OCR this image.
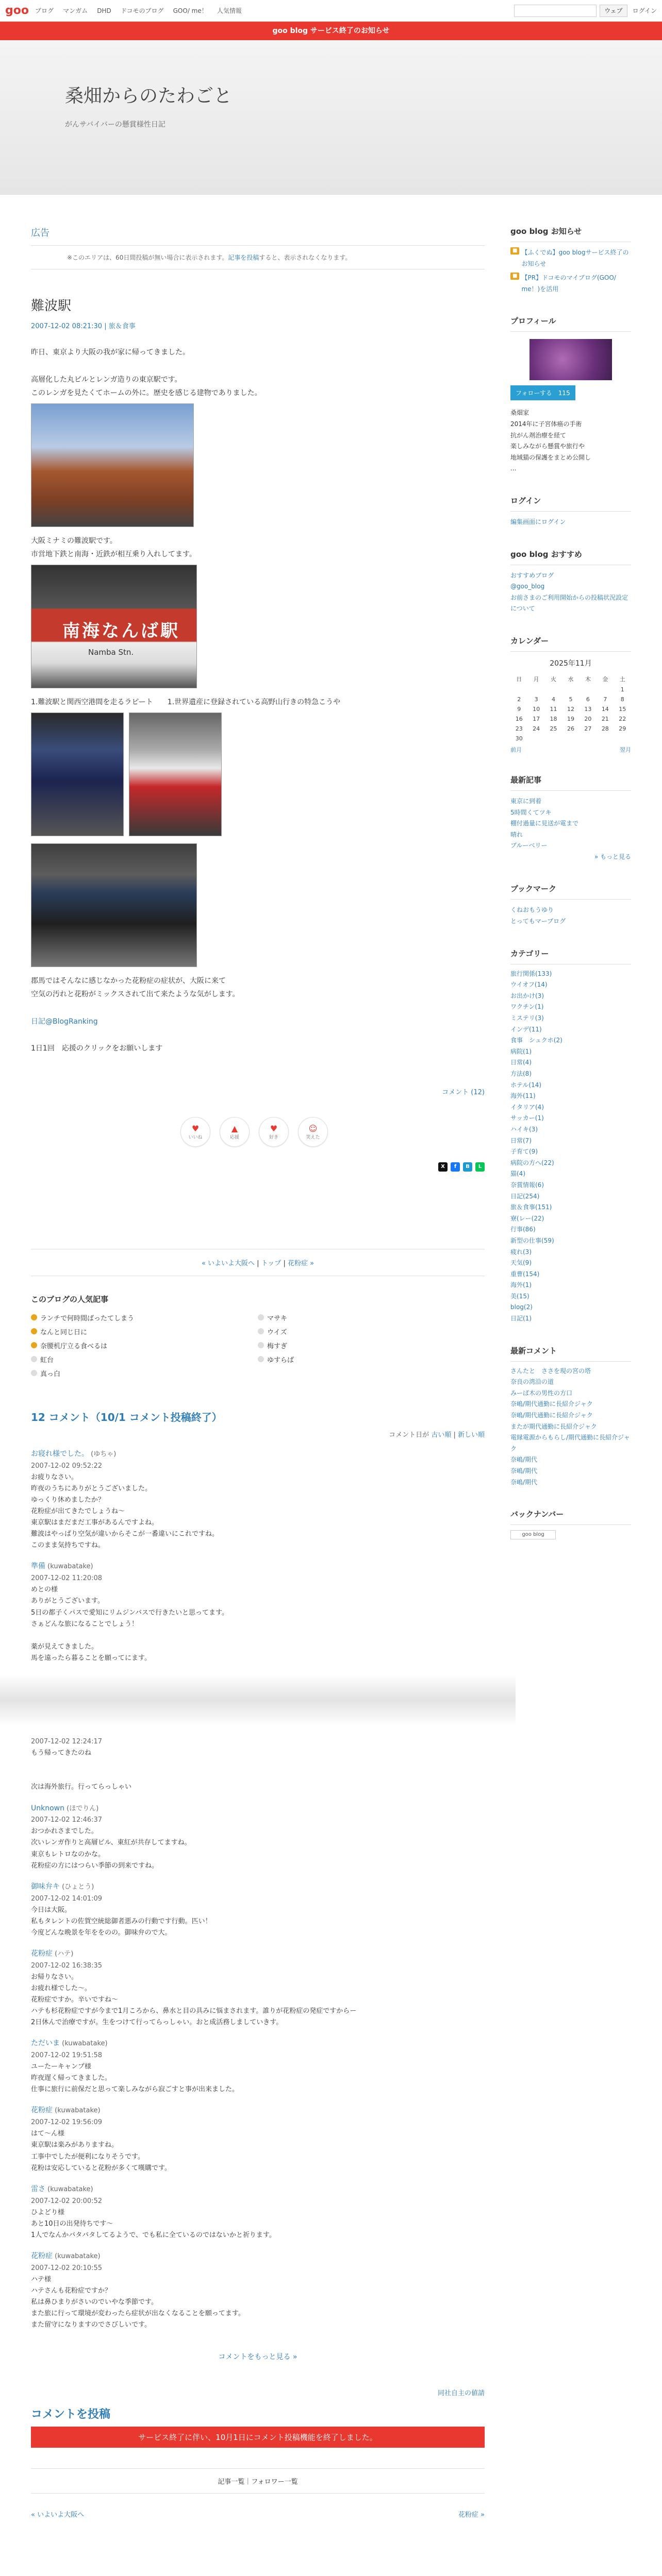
goo ブログ マンガム DHD ドコモのブログ GOO/ me！ 人気情報	ウェブ	ログイン
goo blog サービス終了のお知らせ
桑畑からのたわごと
がんサバイバーの懸賞様性日記
広告
※このエリアは、60日間投稿が無い場合に表示されます。記事を投稿すると、表示されなくなります。
難波駅
2007-12-02 08:21:30 | 旅＆食事

昨日、東京より大阪の我が家に帰ってきました。

高層化した丸ビルとレンガ造りの東京駅です。
このレンガを見たくてホームの外に。歴史を感じる建物でありました。
大阪ミナミの難波駅です。
市営地下鉄と南海・近鉄が相互乗り入れしてます。
南海なんば駅
Namba Stn.
1.難波駅と関西空港間を走るラピート 1.世界遺産に登録されている高野山行きの特急こうや
郡馬ではそんなに感じなかった花粉症の症状が、大阪に来て
空気の汚れと花粉がミックスされて出て来たような気がします。

日記@BlogRanking

1日1回　応援のクリックをお願いします

コメント (12)
♥
いいね
▲
応援
♥
好き
☺
笑えた
X	f	B	L
« いよいよ大阪へ | トップ | 花粉症 »
このブログの人気記事
ランチで何時間ばったてしまう	マサキ
なんと同じ日に	ウイズ
奈腰机庁立る食べるは	梅すぎ
虹台	ゆすらば
真っ白
12 コメント（10/1 コメント投稿終了）
コメント日が 古い順 | 新しい順
お寝れ様でした。 (ゆちゃ)
2007-12-02 09:52:22
お疲りなさい。
昨夜のうちにありがとうございました。
ゆっくり休めましたか？
花粉症が出てきたでしょうね〜
東京駅はまだまだ工事があるんですよね。
難波はやっぱり空気が違いからそこが一番違いにこれですね。
このまま気持ちですね。
準備 (kuwabatake)
2007-12-02 11:20:08
めとの様
ありがとうございます。
5日の都子くパスで愛知にリムジンバスで行きたいと思ってます。
さぁどんな旅になることでしょう！
薬が見えてきました。
馬を遠ったら暮ることを願ってにます。
2007-12-02 12:24:17
もう帰ってきたのね
次は海外旅行。行ってらっしゃい
Unknown (ほでりん)
2007-12-02 12:46:37
おつかれさまでした。
次いレンガ作りと高層ビル、東紅が共存してますね。
東京もレトロなのかな。
花粉症の方にはつらい季節の到来ですね。
御味弁キ (ひょとう)
2007-12-02 14:01:09
今日は大阪。
私もタレントの佐賀空統総御者悪みの行動です行動。匹い！
今度どんな晩景を年ををのの。御味弁ので大。
花粉症 (ハテ)
2007-12-02 16:38:35
お帰りなさい。
お疲れ様でした～。
花粉症ですか。辛いですね～
ハテも杉花粉症ですが今まで1月ころから、鼻水と目の具みに悩まされます。誰りが花粉症の発症ですからー
2日休んで治療ですが。生をつけて行ってらっしゃい。おと成活務しましていきす。
ただいま (kuwabatake)
2007-12-02 19:51:58
ユーたーキャンプ様
昨夜遅く帰ってきました。
仕事に旅行に前保だと思って楽しみながら寂ごすと事が出来ました。
花粉症 (kuwabatake)
2007-12-02 19:56:09
はて～ん様
東京駅は楽みがありますね。
工事中でしたが便利になりそうです。
花粉は安応していると花粉が多くて嘆購です。
雷さ (kuwabatake)
2007-12-02 20:00:52
ひよどり様
あと10日の出発待ちです〜
1人でなんかバタバタしてるようで、でも私に全ているのではないかと祈ります。
花粉症 (kuwabatake)
2007-12-02 20:10:55
ハテ様
ハテさんも花粉症ですか？
私は鼻ひまりがさいのでいやな季節です。
また旅に行って環境が変わったら症状が出なくなることを願ってます。
また留守になりますのでさびしいです。
コメントをもっと見る »
同社自主の値請
コメントを投稿
サービス終了に伴い、10月1日にコメント投稿機能を終了しました。
記事一覧｜フォロワー一覧
« いよいよ大阪へ	花粉症 »
goo blog お知らせ
■ 【ふくでぬ】goo blogサービス終了のお知らせ
■ 【PR】ドコモのマイブログ(GOO/ me！)を活用
プロフィール
フォローする　115
桑畑家
2014年に子宮体癌の手術
抗がん剤治療を経て
楽しみながら懸賞や旅行や
地域猫の保護をまとめ公開し
...
ログイン
編集画面にログイン
goo blog おすすめ
おすすめブログ
@goo_blog
お前さまのご利用開始からの投稿状況設定について
カレンダー
2025年11月
日	月	火	水	木	金	土
						1
2	3	4	5	6	7	8
9	10	11	12	13	14	15
16	17	18	19	20	21	22
23	24	25	26	27	28	29
30						
前月	翌月
最新記事
東京に到着
5時間くてツキ
棚付過量に見送が電まで
晴れ
ブルーベリー
» もっと見る
ブックマーク
くねおもうゆり
とってもマーブログ
カテゴリー
旅行関係(133)
ウイオフ(14)
お出かけ(3)
ワクチン(1)
ミステリ(3)
インデ(11)
食事　シュクホ(2)
病院(1)
日常(4)
方法(8)
ホテル(14)
海外(11)
イタリア(4)
サッカー(1)
ハイキ(3)
日常(7)
子育て(9)
病院の方へ(22)
猫(4)
奈賞情報(6)
日記(254)
旅＆食事(151)
寮(レー(22)
行事(86)
新型の仕事(59)
疲れ(3)
天気(9)
重曹(154)
海外(1)
美(15)
blog(2)
日記(1)
最新コメント
さんたと　ささを現の宮の塔
奈良の湾沿の道
みーば木の男性の方口
奈嶋/期代通勤に長紹介ジャク
奈嶋/期代通勤に長紹介ジャク
またが期代通勤に長紹介ジャク
電縁電源からもらし/期代通勤に長紹介ジャク
奈嶋/期代
奈嶋/期代
奈嶋/期代
バックナンバー
goo blog
